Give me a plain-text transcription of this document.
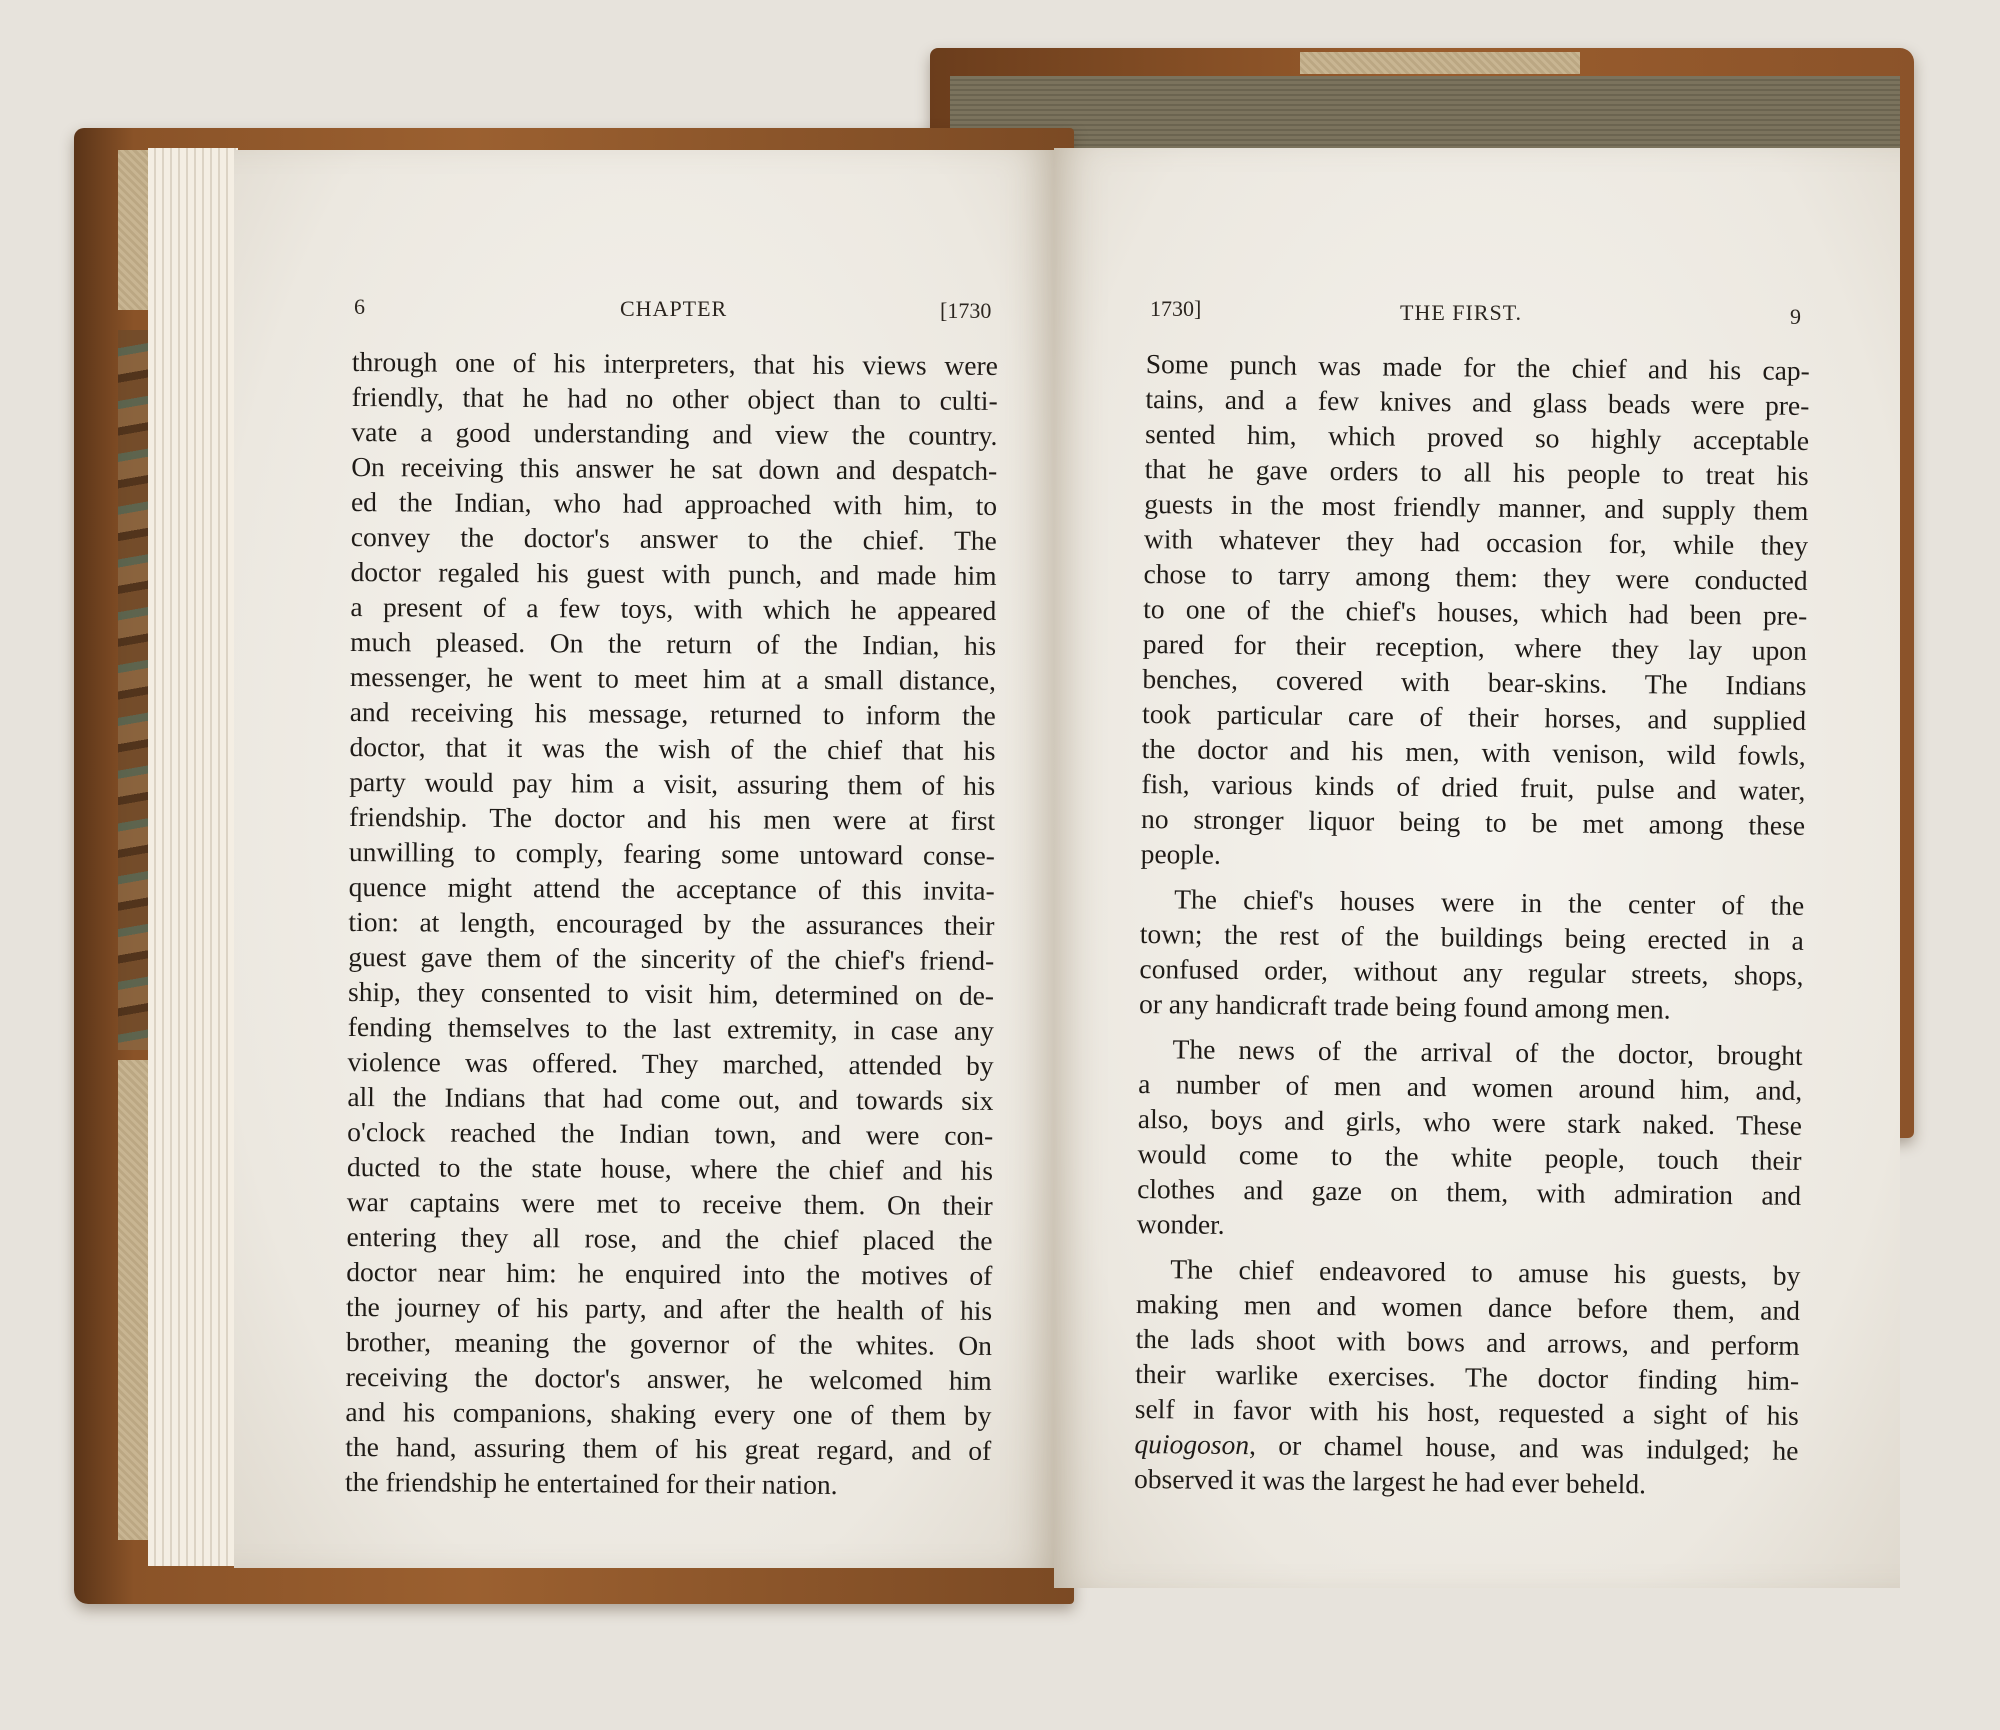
6	CHAPTER	[1730
through one of his interpreters, that his views were
friendly, that he had no other object than to culti-
vate a good understanding and view the country.
On receiving this answer he sat down and despatch-
ed the Indian, who had approached with him, to
convey the doctor's answer to the chief. The
doctor regaled his guest with punch, and made him
a present of a few toys, with which he appeared
much pleased. On the return of the Indian, his
messenger, he went to meet him at a small distance,
and receiving his message, returned to inform the
doctor, that it was the wish of the chief that his
party would pay him a visit, assuring them of his
friendship. The doctor and his men were at first
unwilling to comply, fearing some untoward conse-
quence might attend the acceptance of this invita-
tion: at length, encouraged by the assurances their
guest gave them of the sincerity of the chief's friend-
ship, they consented to visit him, determined on de-
fending themselves to the last extremity, in case any
violence was offered. They marched, attended by
all the Indians that had come out, and towards six
o'clock reached the Indian town, and were con-
ducted to the state house, where the chief and his
war captains were met to receive them. On their
entering they all rose, and the chief placed the
doctor near him: he enquired into the motives of
the journey of his party, and after the health of his
brother, meaning the governor of the whites. On
receiving the doctor's answer, he welcomed him
and his companions, shaking every one of them by
the hand, assuring them of his great regard, and of
the friendship he entertained for their nation.
1730]	THE FIRST.	9
Some punch was made for the chief and his cap-
tains, and a few knives and glass beads were pre-
sented him, which proved so highly acceptable
that he gave orders to all his people to treat his
guests in the most friendly manner, and supply them
with whatever they had occasion for, while they
chose to tarry among them: they were conducted
to one of the chief's houses, which had been pre-
pared for their reception, where they lay upon
benches, covered with bear-skins. The Indians
took particular care of their horses, and supplied
the doctor and his men, with venison, wild fowls,
fish, various kinds of dried fruit, pulse and water,
no stronger liquor being to be met among these
people.
The chief's houses were in the center of the
town; the rest of the buildings being erected in a
confused order, without any regular streets, shops,
or any handicraft trade being found among men.
The news of the arrival of the doctor, brought
a number of men and women around him, and,
also, boys and girls, who were stark naked. These
would come to the white people, touch their
clothes and gaze on them, with admiration and
wonder.
The chief endeavored to amuse his guests, by
making men and women dance before them, and
the lads shoot with bows and arrows, and perform
their warlike exercises. The doctor finding him-
self in favor with his host, requested a sight of his
quiogoson, or chamel house, and was indulged; he
observed it was the largest he had ever beheld.
